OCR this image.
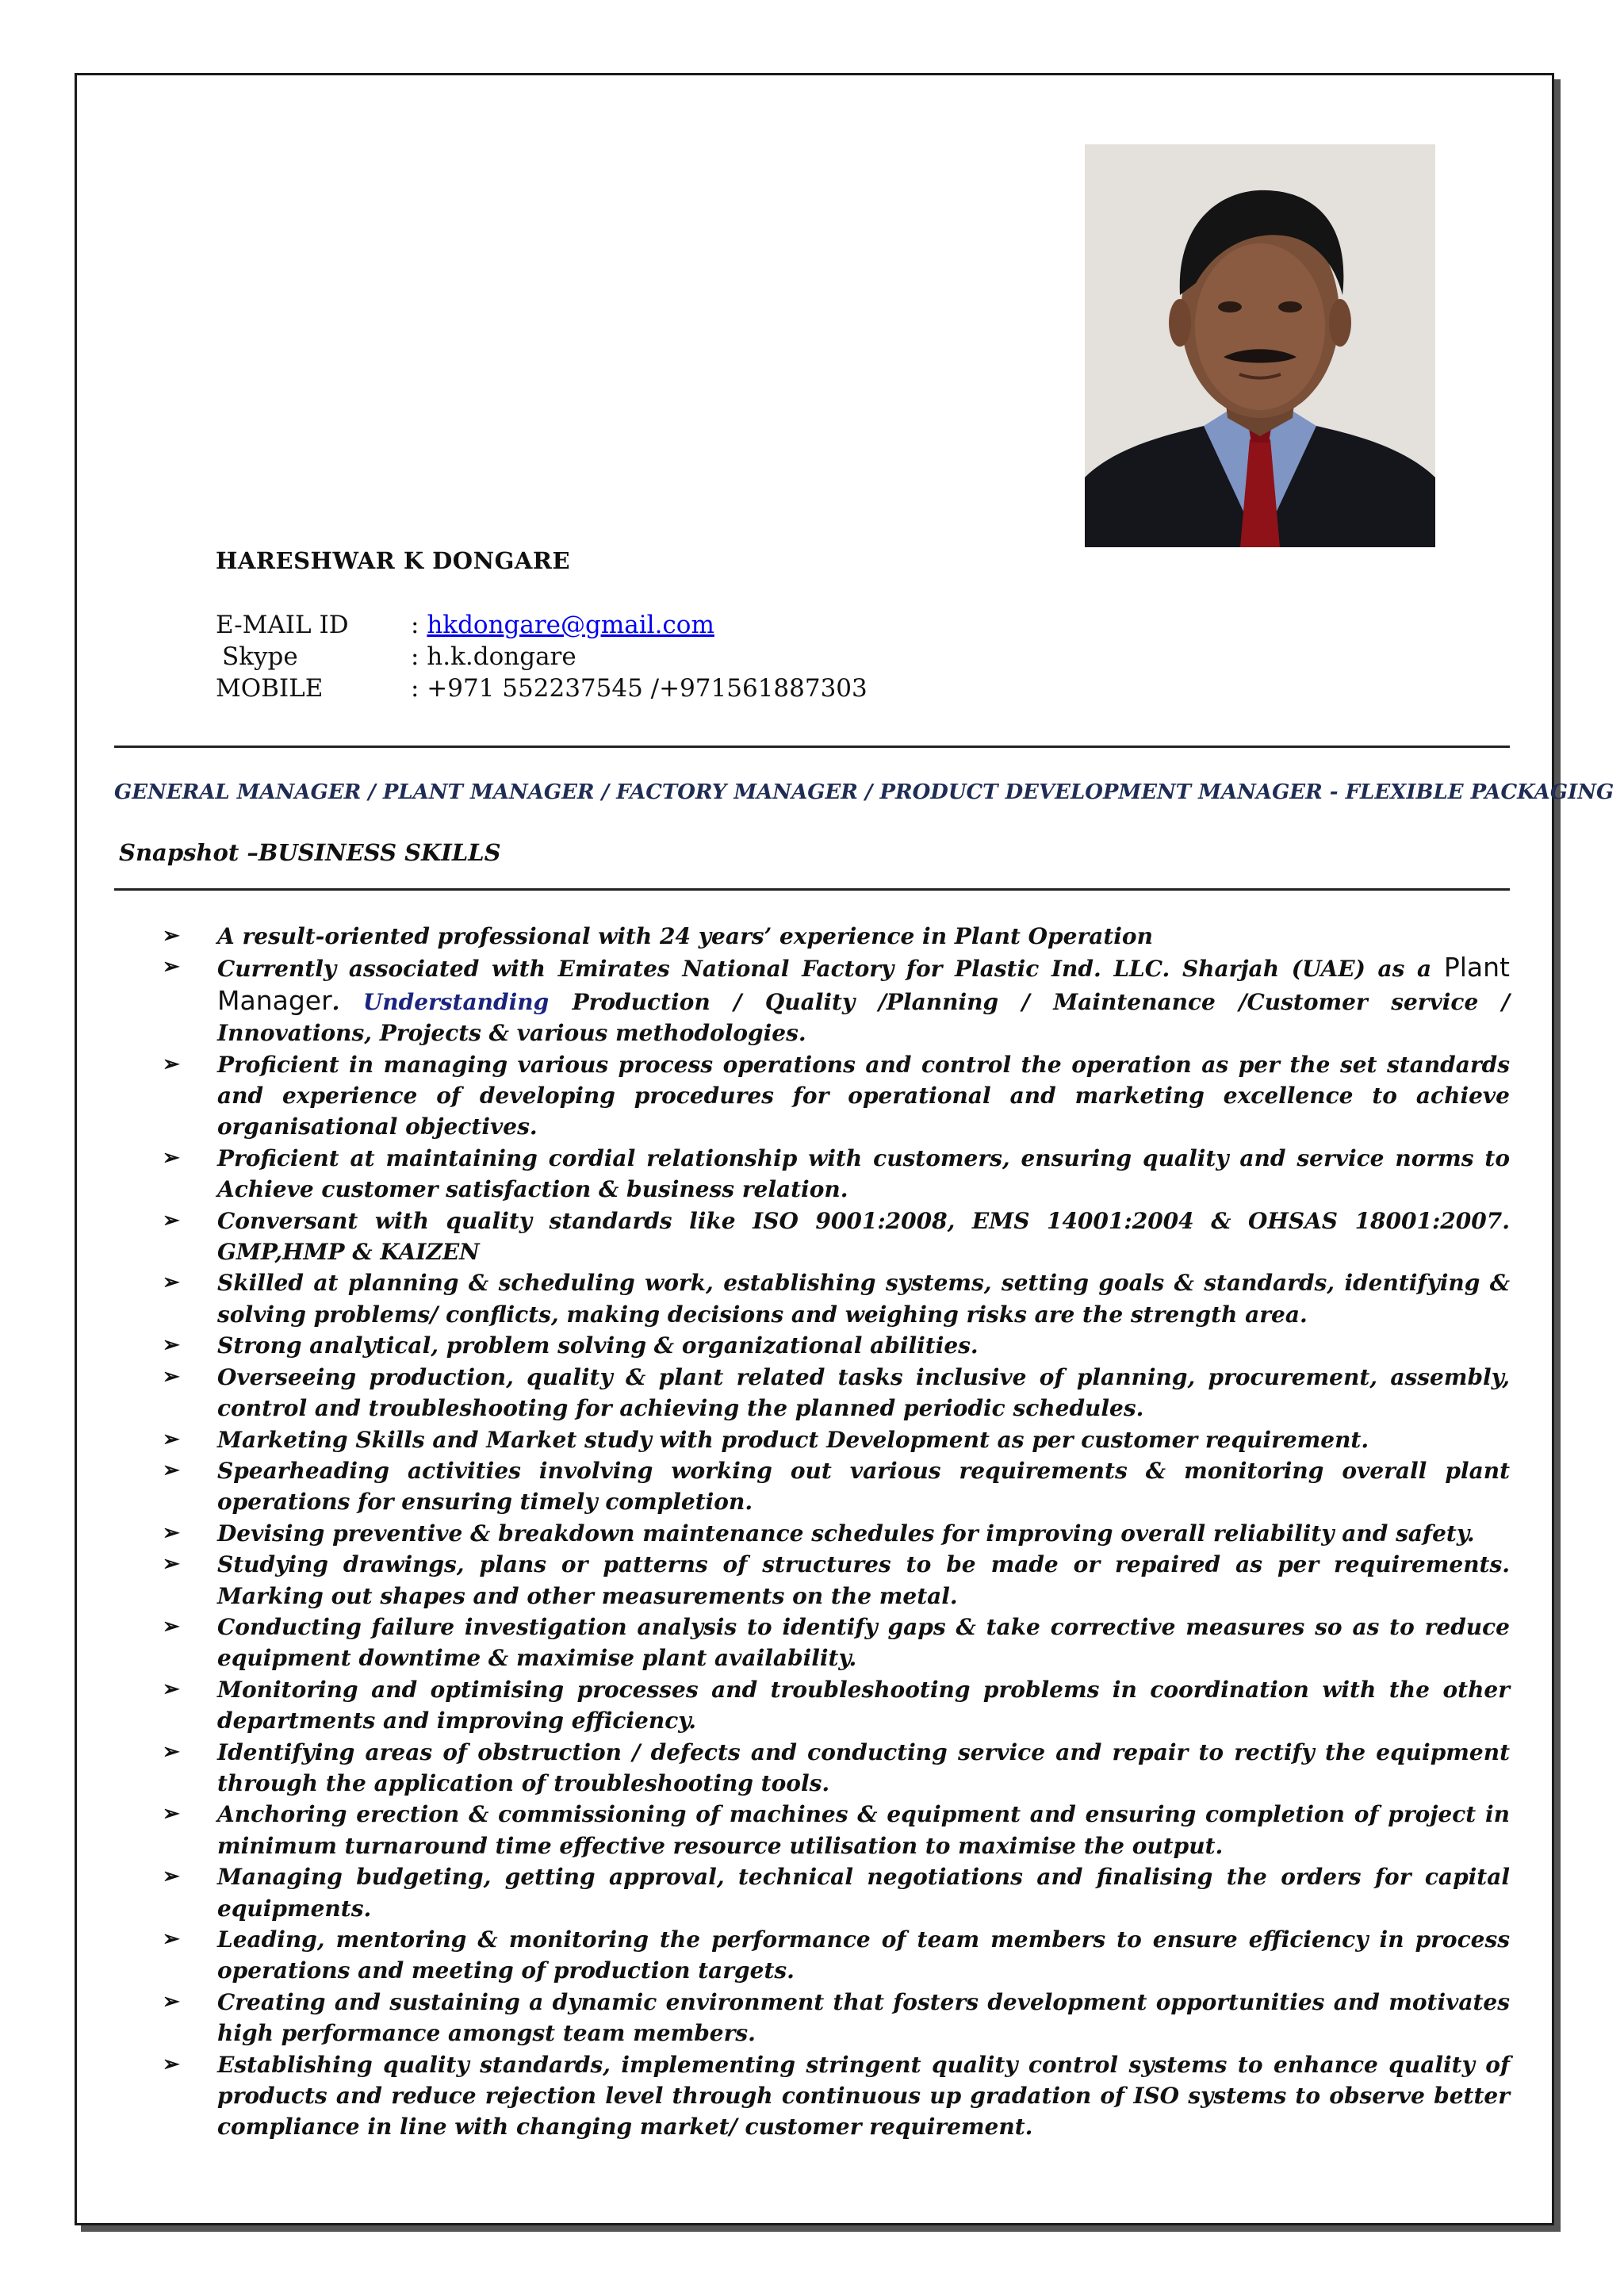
HARESHWAR K DONGARE
E-MAIL ID	: hkdongare@gmail.com
Skype	: h.k.dongare
MOBILE	: +971 552237545 /+971561887303
GENERAL MANAGER / PLANT MANAGER / FACTORY MANAGER / PRODUCT DEVELOPMENT MANAGER - FLEXIBLE PACKAGING
Snapshot –BUSINESS SKILLS
➢ A result-oriented professional with 24 years’ experience in Plant Operation
➢ Currently associated with Emirates National Factory for Plastic Ind. LLC. Sharjah (UAE) as a Plant Manager. Understanding Production / Quality /Planning / Maintenance /Customer service / Innovations, Projects & various methodologies.
➢ Proficient in managing various process operations and control the operation as per the set standards and experience of developing procedures for operational and marketing excellence to achieve organisational objectives.
➢ Proficient at maintaining cordial relationship with customers, ensuring quality and service norms to Achieve customer satisfaction & business relation.
➢ Conversant with quality standards like ISO 9001:2008, EMS 14001:2004 & OHSAS 18001:2007. GMP,HMP & KAIZEN
➢ Skilled at planning & scheduling work, establishing systems, setting goals & standards, identifying & solving problems/ conflicts, making decisions and weighing risks are the strength area.
➢ Strong analytical, problem solving & organizational abilities.
➢ Overseeing production, quality & plant related tasks inclusive of planning, procurement, assembly, control and troubleshooting for achieving the planned periodic schedules.
➢ Marketing Skills and Market study with product Development as per customer requirement.
➢ Spearheading activities involving working out various requirements & monitoring overall plant operations for ensuring timely completion.
➢ Devising preventive & breakdown maintenance schedules for improving overall reliability and safety.
➢ Studying drawings, plans or patterns of structures to be made or repaired as per requirements. Marking out shapes and other measurements on the metal.
➢ Conducting failure investigation analysis to identify gaps & take corrective measures so as to reduce equipment downtime & maximise plant availability.
➢ Monitoring and optimising processes and troubleshooting problems in coordination with the other departments and improving efficiency.
➢ Identifying areas of obstruction / defects and conducting service and repair to rectify the equipment through the application of troubleshooting tools.
➢ Anchoring erection & commissioning of machines & equipment and ensuring completion of project in minimum turnaround time effective resource utilisation to maximise the output.
➢ Managing budgeting, getting approval, technical negotiations and finalising the orders for capital equipments.
➢ Leading, mentoring & monitoring the performance of team members to ensure efficiency in process operations and meeting of production targets.
➢ Creating and sustaining a dynamic environment that fosters development opportunities and motivates high performance amongst team members.
➢ Establishing quality standards, implementing stringent quality control systems to enhance quality of products and reduce rejection level through continuous up gradation of ISO systems to observe better compliance in line with changing market/ customer requirement.
